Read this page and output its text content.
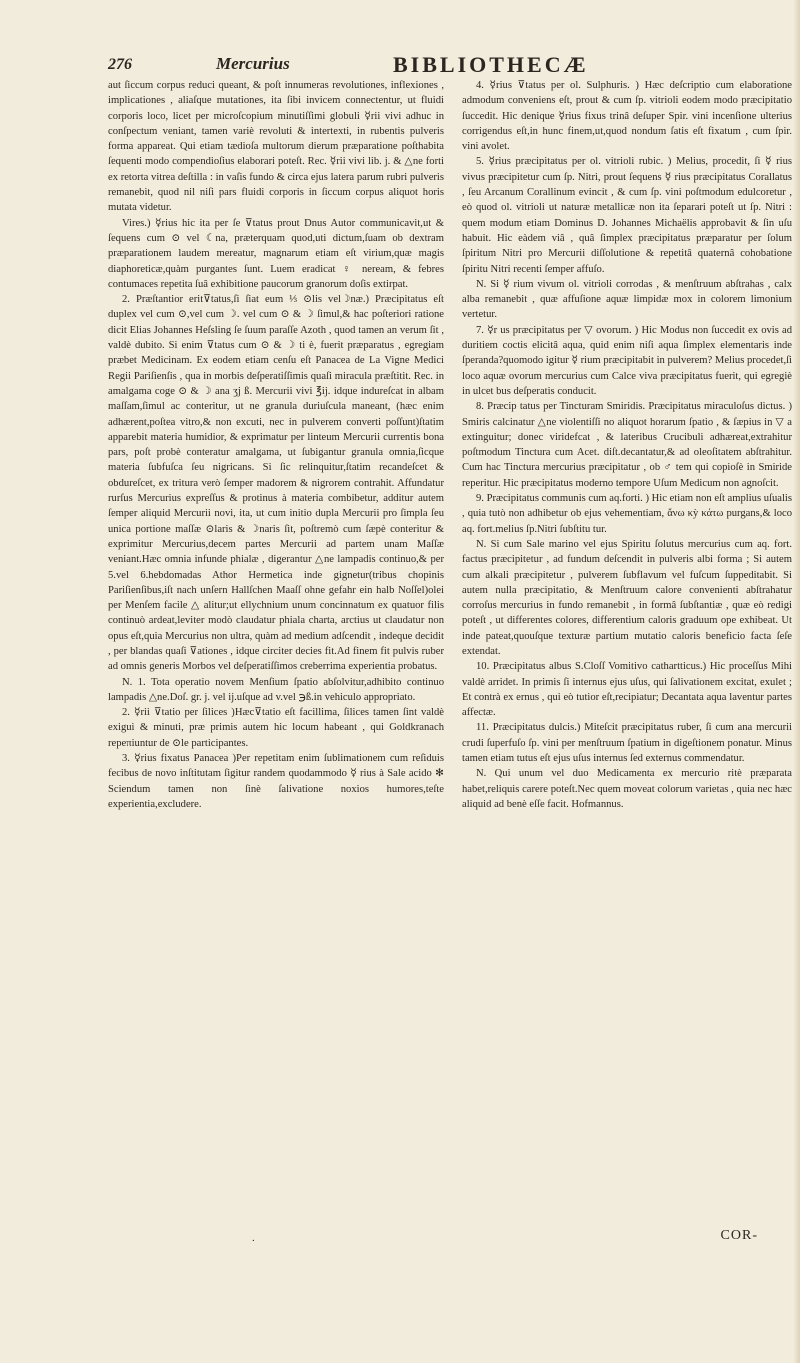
276	Mercurius	BIBLIOTHECÆ

aut ſiccum corpus reduci queant, & poſt innumeras revolutiones, inflexiones , implicationes , aliaſque mutationes, ita ſibi invicem connectentur, ut fluidi corporis loco, licet per microſcopium minutiſſimi globuli ☿rii vivi adhuc in conſpectum veniant, tamen variè revoluti & intertexti, in rubentis pulveris forma appareat. Qui etiam tædioſa multorum dierum præparatione poſthabita ſequenti modo compendioſius elaborari poteſt. Rec. ☿rii vivi lib. j. & △ne forti ex retorta vitrea deſtilla : in vaſis fundo & circa ejus latera parum rubri pulveris remanebit, quod nil niſi pars fluidi corporis in ſiccum corpus aliquot horis mutata videtur.

Vires.) ☿rius hic ita per ſe ⊽tatus prout Dnus Autor communicavit,ut & ſequens cum ⊙ vel ☾na, præterquam quod,uti dictum,ſuam ob dextram præparationem laudem mereatur, magnarum etiam eſt virium,quæ magis diaphoreticæ,quàm purgantes ſunt. Luem eradicat ♀ neream, & febres contumaces repetita ſuâ exhibitione paucorum granorum doſis extirpat.

2. Præſtantior erit⊽tatus,ſi ſiat eum ⅓ ⊙lis vel☽næ.) Præcipitatus eſt duplex vel cum ⊙,vel cum ☽. vel cum ⊙ & ☽ ſimul,& hac poſteriori ratione dicit Elias Johannes Heſsling ſe ſuum paraſſe Azoth , quod tamen an verum ſit , valdè dubito. Si enim ⊽tatus cum ⊙ & ☽ ti è, fuerit præparatus , egregiam præbet Medicinam. Ex eodem etiam cenſu eſt Panacea de La Vigne Medici Regii Pariſienſis , qua in morbis deſperatiſſimis quaſi miracula præſtitit. Rec. in amalgama coge ⊙ & ☽ ana ʒj ß. Mercurii vivi ℥ij. idque indureſcat in albam maſſam,ſimul ac conteritur, ut ne granula duriuſcula maneant, (hæc enim adhærent,poſtea vitro,& non excuti, nec in pulverem converti poſſunt)ſtatim apparebit materia humidior, & exprimatur per linteum Mercurii currentis bona pars, poſt probè conteratur amalgama, ut ſubigantur granula omnia,ſicque materia ſubfuſca ſeu nigricans. Si ſic relinquitur,ſtatim recandeſcet & obdureſcet, ex tritura verò ſemper madorem & nigrorem contrahit. Affundatur rurſus Mercurius expreſſus & protinus à materia combibetur, additur autem ſemper aliquid Mercurii novi, ita, ut cum initio dupla Mercurii pro ſimpla ſeu unica portione maſſæ ⊙laris & ☽naris ſit, poſtremò cum ſæpè conteritur & exprimitur Mercurius,decem partes Mercurii ad partem unam Maſſæ veniant.Hæc omnia infunde phialæ , digerantur △ne lampadis continuo,& per 5.vel 6.hebdomadas Athor Hermetica inde gignetur(tribus chopinis Pariſienſibus,iſt nach unſern Hallſchen Maaſſ ohne gefahr ein halb Noſſel)olei per Menſem facile △ alitur;ut ellychnium unum concinnatum ex quatuor filis continuò ardeat,leviter modò claudatur phiala charta, arctius ut claudatur non opus eſt,quia Mercurius non ultra, quàm ad medium adſcendit , indeque decidit , per blandas quaſi ⊽ationes , idque circiter decies fit.Ad finem fit pulvis ruber ad omnis generis Morbos vel deſperatiſſimos creberrima experientia probatus.

N. 1. Tota operatio novem Menſium ſpatio abſolvitur,adhibito continuo lampadis △ne.Doſ. gr. j. vel ij.uſque ad v.vel ℈ß.in vehiculo appropriato.

2. ☿rii ⊽tatio per ſilices )Hæc⊽tatio eſt facillima, ſilices tamen ſint valdè exigui & minuti, præ primis autem hic locum habeant , qui Goldkranach repeπiuntur de ⊙le participantes.

3. ☿rius fixatus Panacea )Per repetitam enim ſublimationem cum reſiduis fecibus de novo inſtitutam ſigitur randem quodammodo ☿ rius à Sale acido ✻ Sciendum tamen non ſinè ſalivatione noxios humores,teſte experientia,excludere.

4. ☿rius ⊽tatus per ol. Sulphuris. ) Hæc deſcriptio cum elaboratione admodum conveniens eſt, prout & cum ſp. vitrioli eodem modo præcipitatio ſuccedit. Hic denique ☿rius fixus trinâ deſuper Spir. vini incenſione ulterius corrigendus eſt,in hunc finem,ut,quod nondum ſatis eſt fixatum , cum ſpir. vini avolet.

5. ☿rius præcipitatus per ol. vitrioli rubic. ) Melius, procedit, ſi ☿ rius vivus præcipitetur cum ſp. Nitri, prout ſequens ☿ rius præcipitatus Corallatus , ſeu Arcanum Corallinum evincit , & cum ſp. vini poſtmodum edulcoretur , eò quod ol. vitrioli ut naturæ metallicæ non ita ſeparari poteſt ut ſp. Nitri : quem modum etiam Dominus D. Johannes Michaëlis approbavit & ſin uſu habuit. Hic eàdem viâ , quâ ſimplex præcipitatus præparatur per ſolum ſpiritum Nitri pro Mercurii diſſolutione & repetitâ quaternâ cohobatione ſpiritu Nitri recenti ſemper affuſo.

N. Si ☿ rium vivum ol. vitrioli corrodas , & menſtruum abſtrahas , calx alba remanebit , quæ affuſione aquæ limpidæ mox in colorem limonium vertetur.

7. ☿r us præcipitatus per ▽ ovorum. ) Hic Modus non ſuccedit ex ovis ad duritiem coctis elicitâ aqua, quid enim niſi aqua ſimplex elementaris inde ſperanda?quomodo igitur ☿ rium præcipitabit in pulverem? Melius procedet,ſi loco aquæ ovorum mercurius cum Calce viva præcipitatus fuerit, qui egregiè in ulcet bus deſperatis conducit.

8. Præcip tatus per Tincturam Smiridis. Præcipitatus miraculoſus dictus. ) Smiris calcinatur △ne violentiſſi no aliquot horarum ſpatio , & ſæpius in ▽ a extinguitur; donec viridefcat , & lateribus Crucibuli adhæreat,extrahitur poſtmodum Tinctura cum Acet. diſt.decantatur,& ad oleoſitatem abſtrahitur. Cum hac Tinctura mercurius præcipitatur , ob ♂ tem qui copioſè in Smiride reperitur. Hic præcipitatus moderno tempore Uſum Medicum non agnoſcit.

9. Præcipitatus communis cum aq.forti. ) Hic etiam non eſt amplius uſualis , quia tutò non adhibetur ob ejus vehementiam, ἄνω κỳ κάτω purgans,& loco aq. fort.melius ſp.Nitri ſubſtitu tur.

N. Si cum Sale marino vel ejus Spiritu ſolutus mercurius cum aq. fort. factus præcipitetur , ad fundum deſcendit in pulveris albi forma ; Si autem cum alkali præcipitetur , pulverem ſubflavum vel fuſcum ſuppeditabit. Si autem nulla præcipitatio, & Menſtruum calore convenienti abſtrahatur corroſus mercurius in fundo remanebit , in formâ ſubſtantiæ , quæ eò redigi poteſt , ut differentes colores, differentium caloris graduum ope exhibeat. Ut inde pateat,quouſque texturæ partium mutatio caloris beneficio facta ſeſe extendat.

10. Præcipitatus albus S.Cloſſ Vomitivo cathartticus.) Hic proceſſus Mihi valdè arridet. In primis ſi internus ejus uſus, qui ſalivationem excitat, exulet ; Et contrà ex ernus , qui eò tutior eſt,recipiatur; Decantata aqua laventur partes affectæ.

11. Præcipitatus dulcis.) Miteſcit præcipitatus ruber, ſi cum ana mercurii crudi ſuperfuſo ſp. vini per menſtruum ſpatium in digeſtionem ponatur. Minus tamen etiam tutus eſt ejus uſus internus ſed externus commendatur.

N. Qui unum vel duo Medicamenta ex mercurio ritè præparata habet,reliquis carere poteſt.Nec quem moveat colorum varietas , quia nec hæc aliquid ad benè eſſe facit. Hofmannus.

.	COR-
